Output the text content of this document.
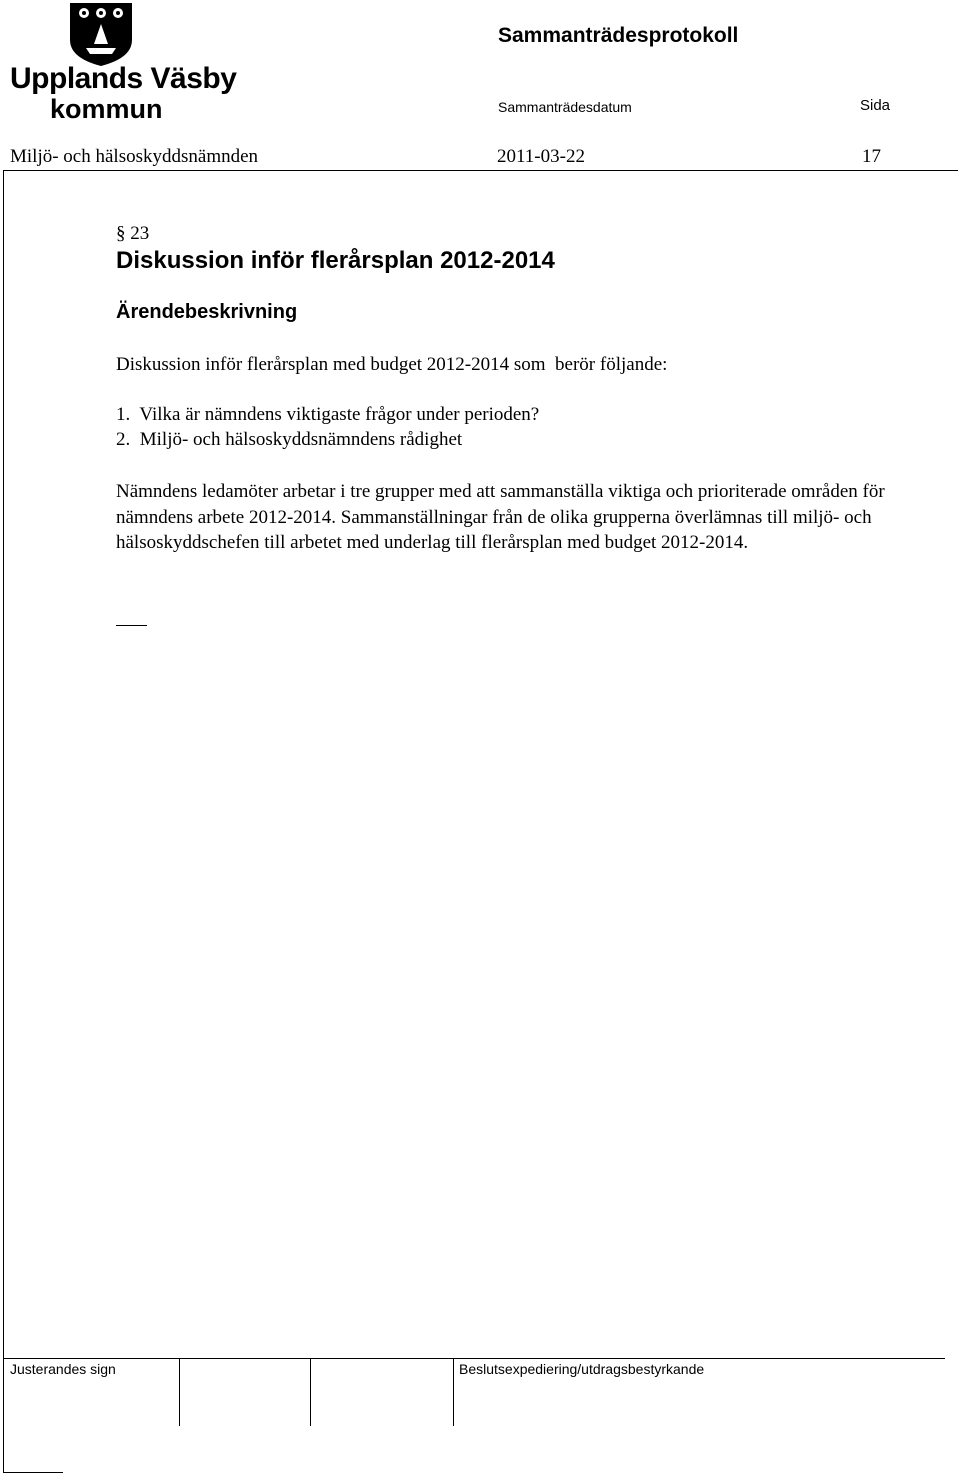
Upplands Väsby
kommun
Sammanträdesprotokoll
Sammanträdesdatum	Sida
Miljö- och hälsoskyddsnämnden	2011-03-22	17
§ 23
Diskussion inför flerårsplan 2012-2014
Ärendebeskrivning
Diskussion inför flerårsplan med budget 2012-2014 som  berör följande:
1.  Vilka är nämndens viktigaste frågor under perioden?
2.  Miljö- och hälsoskyddsnämndens rådighet
Nämndens ledamöter arbetar i tre grupper med att sammanställa viktiga och prioriterade områden för nämndens arbete 2012-2014. Sammanställningar från de olika grupperna överlämnas till miljö- och hälsoskyddschefen till arbetet med underlag till flerårsplan med budget 2012-2014.
Justerandes sign	Beslutsexpediering/utdragsbestyrkande
